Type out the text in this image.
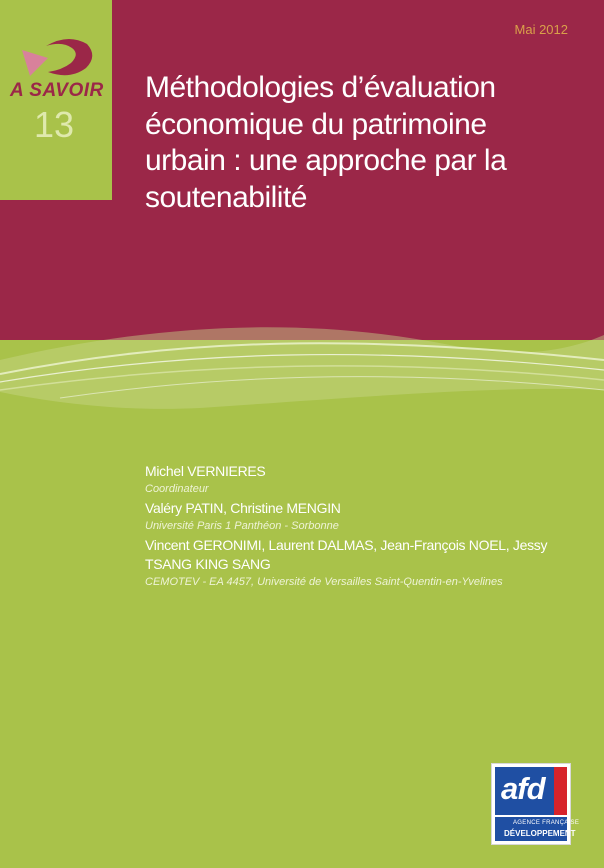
A SAVOIR
13
Mai 2012
Méthodologies d’évaluation économique du patrimoine urbain : une approche par la soutenabilité
Michel VERNIERES
Coordinateur
Valéry PATIN, Christine MENGIN
Université Paris 1 Panthéon - Sorbonne
Vincent GERONIMI, Laurent DALMAS, Jean-François NOEL, Jessy TSANG KING SANG
CEMOTEV - EA 4457, Université de Versailles Saint-Quentin-en-Yvelines
afd
AGENCE FRANÇAISE
DÉVELOPPEMENT
